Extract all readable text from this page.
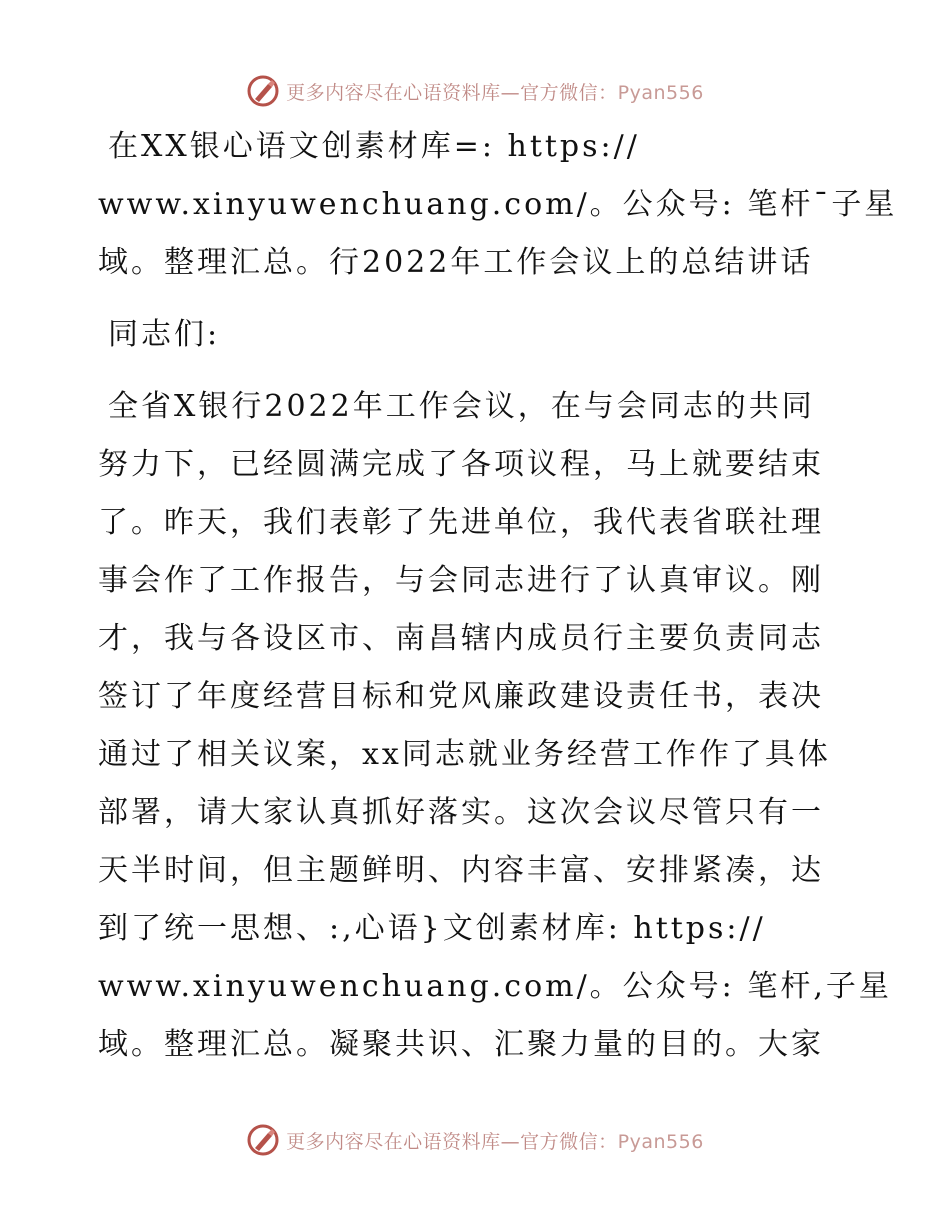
更多内容尽在心语资料库—官方微信：Pyan556
在XX银心语文创素材库=: https://
www.xinyuwenchuang.com/。公众号: 笔杆¯子星
域。整理汇总。行2022年工作会议上的总结讲话
同志们:
全省X银行2022年工作会议，在与会同志的共同
努力下，已经圆满完成了各项议程，马上就要结束
了。昨天，我们表彰了先进单位，我代表省联社理
事会作了工作报告，与会同志进行了认真审议。刚
才，我与各设区市、南昌辖内成员行主要负责同志
签订了年度经营目标和党风廉政建设责任书，表决
通过了相关议案，xx同志就业务经营工作作了具体
部署，请大家认真抓好落实。这次会议尽管只有一
天半时间，但主题鲜明、内容丰富、安排紧凑，达
到了统一思想、:,心语}文创素材库: https://
www.xinyuwenchuang.com/。公众号: 笔杆,子星
域。整理汇总。凝聚共识、汇聚力量的目的。大家
更多内容尽在心语资料库—官方微信：Pyan556
